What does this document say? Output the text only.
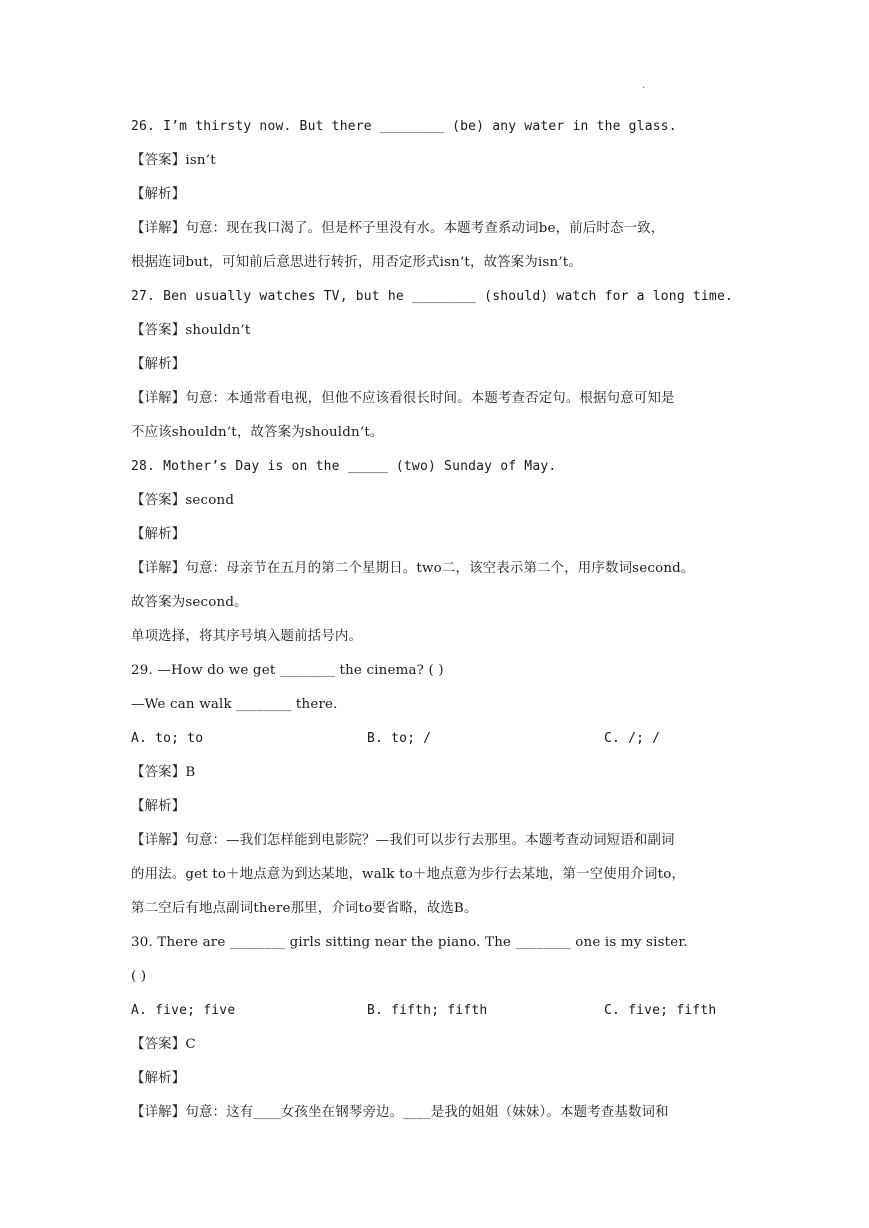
.
26. I’m thirsty now. But there ________ (be) any water in the glass.
【答案】isn’t
【解析】
【详解】句意：现在我口渴了。但是杯子里没有水。本题考查系动词be，前后时态一致，
根据连词but，可知前后意思进行转折，用否定形式isn’t，故答案为isn’t。
27. Ben usually watches TV, but he ________ (should) watch for a long time.
【答案】shouldn’t
【解析】
【详解】句意：本通常看电视，但他不应该看很长时间。本题考查否定句。根据句意可知是
不应该shouldn’t，故答案为shouldn’t。
28. Mother’s Day is on the _____ (two) Sunday of May.
【答案】second
【解析】
【详解】句意：母亲节在五月的第二个星期日。two二，该空表示第二个，用序数词second。
故答案为second。
单项选择，将其序号填入题前括号内。
29. —How do we get ________ the cinema? ( )
—We can walk ________ there.
A. to; to	B. to; /	C. /; /
【答案】B
【解析】
【详解】句意：—我们怎样能到电影院？—我们可以步行去那里。本题考查动词短语和副词
的用法。get to＋地点意为到达某地，walk to＋地点意为步行去某地，第一空使用介词to，
第二空后有地点副词there那里，介词to要省略，故选B。
30. There are ________ girls sitting near the piano. The ________ one is my sister.
( )
A. five; five	B. fifth; fifth	C. five; fifth
【答案】C
【解析】
【详解】句意：这有____女孩坐在钢琴旁边。____是我的姐姐（妹妹）。本题考查基数词和
